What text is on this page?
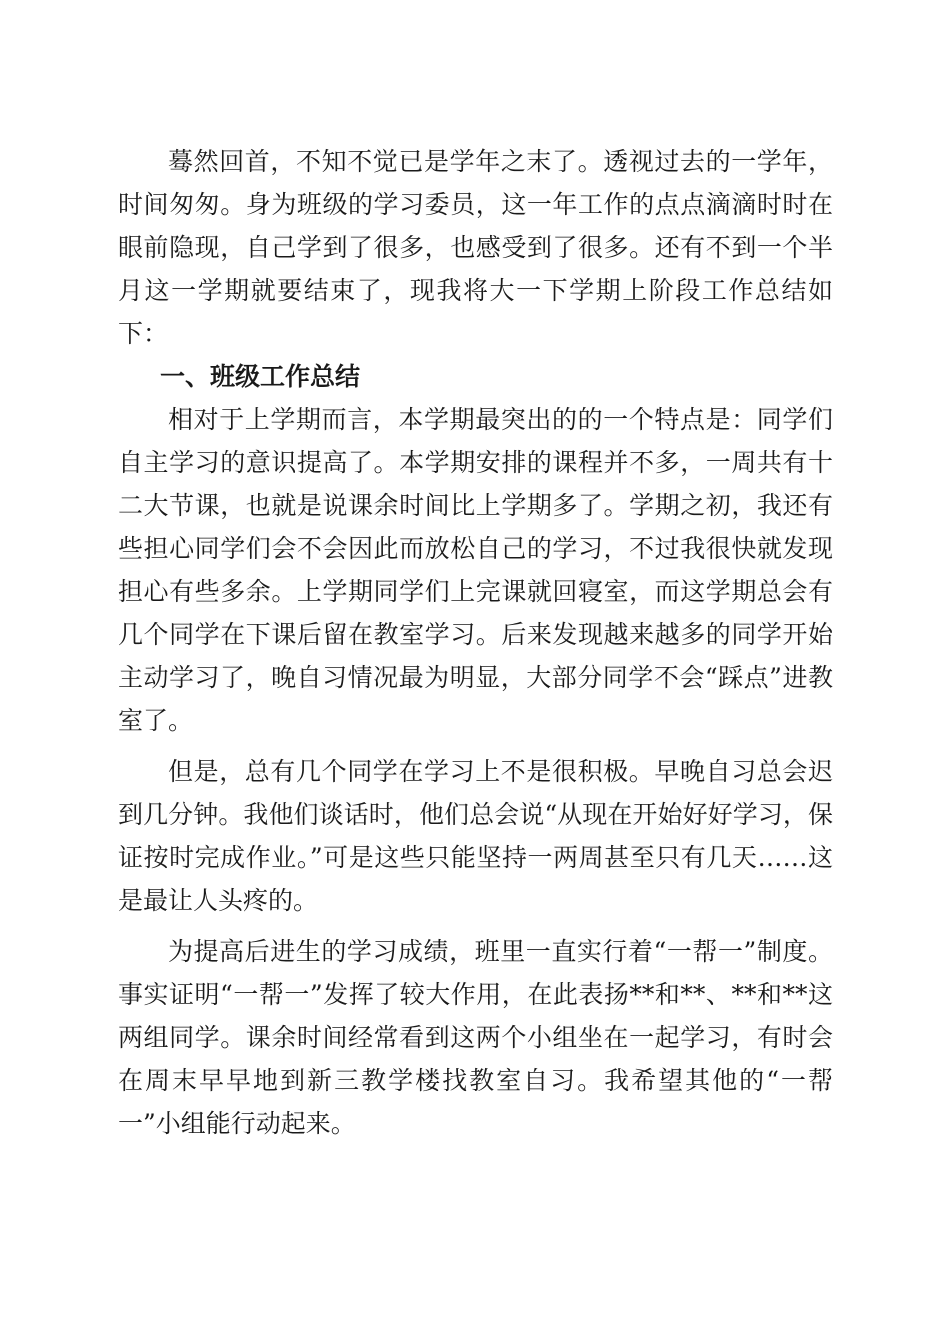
蓦然回首，不知不觉已是学年之末了。透视过去的一学年，时间匆匆。身为班级的学习委员，这一年工作的点点滴滴时时在眼前隐现，自己学到了很多，也感受到了很多。还有不到一个半月这一学期就要结束了，现我将大一下学期上阶段工作总结如下：

一、班级工作总结

相对于上学期而言，本学期最突出的的一个特点是：同学们自主学习的意识提高了。本学期安排的课程并不多，一周共有十二大节课，也就是说课余时间比上学期多了。学期之初，我还有些担心同学们会不会因此而放松自己的学习，不过我很快就发现担心有些多余。上学期同学们上完课就回寝室，而这学期总会有几个同学在下课后留在教室学习。后来发现越来越多的同学开始主动学习了，晚自习情况最为明显，大部分同学不会“踩点”进教室了。

但是，总有几个同学在学习上不是很积极。早晚自习总会迟到几分钟。我他们谈话时，他们总会说“从现在开始好好学习，保证按时完成作业。”可是这些只能坚持一两周甚至只有几天……这是最让人头疼的。

为提高后进生的学习成绩，班里一直实行着“一帮一”制度。事实证明“一帮一”发挥了较大作用，在此表扬**和**、**和**这两组同学。课余时间经常看到这两个小组坐在一起学习，有时会在周末早早地到新三教学楼找教室自习。我希望其他的“一帮一”小组能行动起来。
